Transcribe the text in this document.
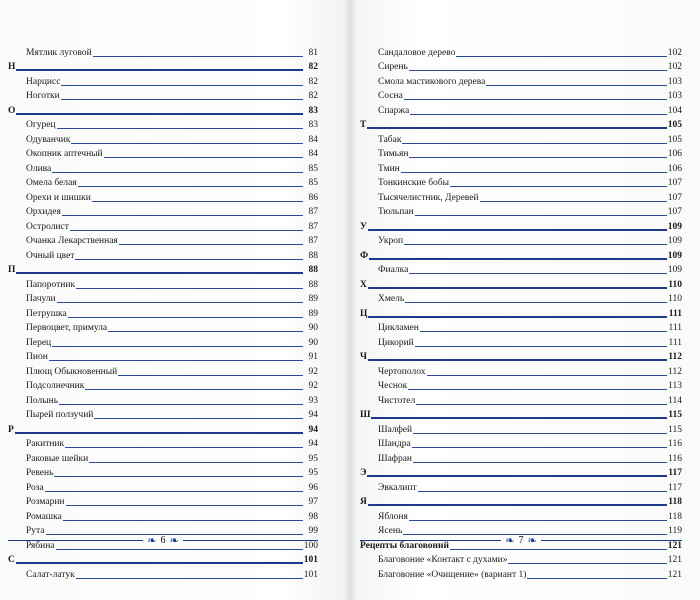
Мятлик луговой	81
Н	82
Нарцисс	82
Ноготки	82
О	83
Огурец	83
Одуванчик	84
Окопник аптечный	84
Олива	85
Омела белая	85
Орехи и шишки	86
Орхидея	87
Остролист	87
Очанка Лекарственная	87
Очный цвет	88
П	88
Папоротник	88
Пачули	89
Петрушка	89
Первоцвет, примула	90
Перец	90
Пион	91
Плющ Обыкновенный	92
Подсолнечник	92
Полынь	93
Пырей ползучий	94
Р	94
Ракитник	94
Раковые шейки	95
Ревень	95
Роза	96
Розмарин	97
Ромашка	98
Рута	99
Рябина	100
С	101
Салат-латук	101
Сандаловое дерево	102
Сирень	102
Смола мастикового дерева	103
Сосна	103
Спаржа	104
Т	105
Табак	105
Тимьян	106
Тмин	106
Тонкинские бобы	107
Тысячелистник, Деревей	107
Тюльпан	107
У	109
Укроп	109
Ф	109
Фиалка	109
Х	110
Хмель	110
Ц	111
Цикламен	111
Цикорий	111
Ч	112
Чертополох	112
Чеснок	113
Чистотел	114
Ш	115
Шалфей	115
Шандра	116
Шафран	116
Э	117
Эвкалипт	117
Я	118
Яблоня	118
Ясень	119
Рецепты благовоний	121
Благовоние «Контакт с духами»	121
Благовоние «Очищение» (вариант 1)	121
❧ 6 ❧	❧ 7 ❧
